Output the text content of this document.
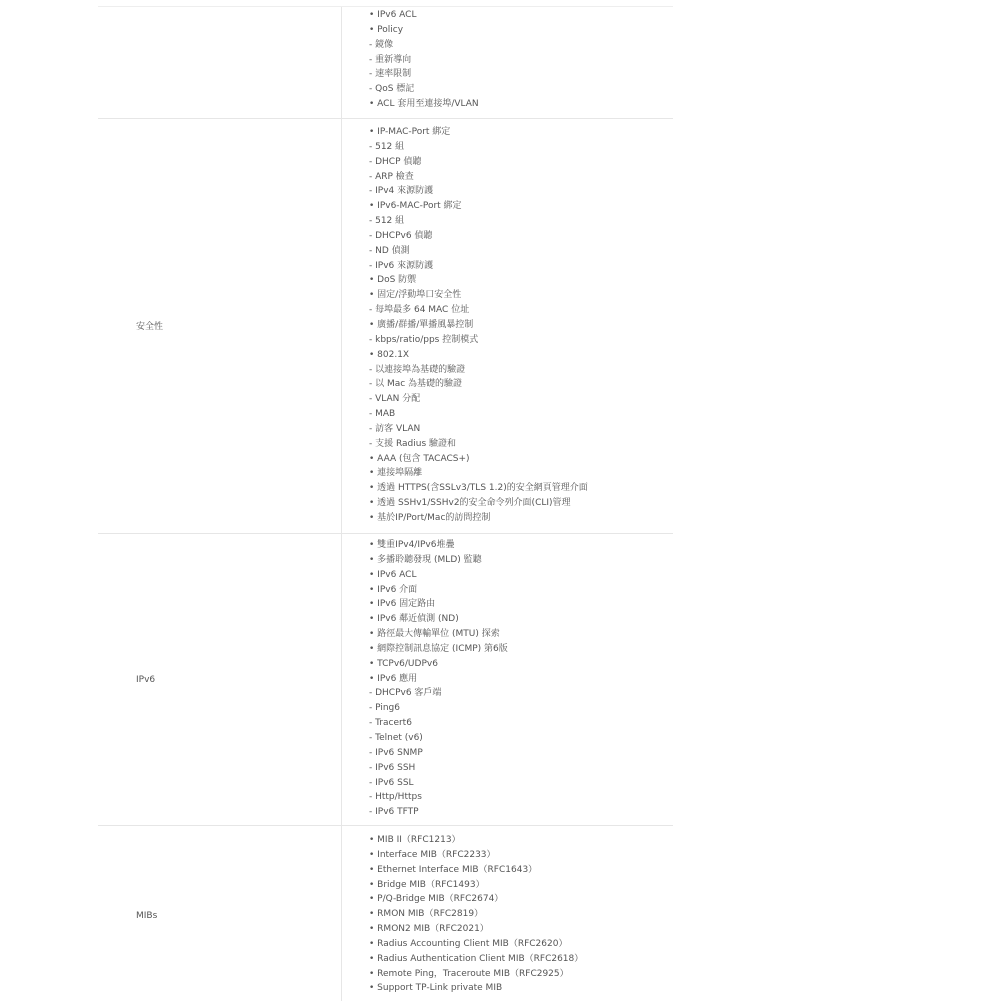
• IPv6 ACL
• Policy
- 鏡像
- 重新導向
- 速率限制
- QoS 標記
• ACL 套用至連接埠/VLAN
安全性
• IP-MAC-Port 綁定
- 512 組
- DHCP 偵聽
- ARP 檢查
- IPv4 來源防護
• IPv6-MAC-Port 綁定
- 512 組
- DHCPv6 偵聽
- ND 偵測
- IPv6 來源防護
• DoS 防禦
• 固定/浮動埠口安全性
- 每埠最多 64 MAC 位址
• 廣播/群播/單播風暴控制
- kbps/ratio/pps 控制模式
• 802.1X
- 以連接埠為基礎的驗證
- 以 Mac 為基礎的驗證
- VLAN 分配
- MAB
- 訪客 VLAN
- 支援 Radius 驗證和
• AAA (包含 TACACS+)
• 連接埠隔離
• 透過 HTTPS(含SSLv3/TLS 1.2)的安全網頁管理介面
• 透過 SSHv1/SSHv2的安全命令列介面(CLI)管理
• 基於IP/Port/Mac的訪問控制
IPv6
• 雙重IPv4/IPv6堆疊
• 多播聆聽發現 (MLD) 監聽
• IPv6 ACL
• IPv6 介面
• IPv6 固定路由
• IPv6 鄰近偵測 (ND)
• 路徑最大傳輸單位 (MTU) 探索
• 網際控制訊息協定 (ICMP) 第6版
• TCPv6/UDPv6
• IPv6 應用
- DHCPv6 客戶端
- Ping6
- Tracert6
- Telnet (v6)
- IPv6 SNMP
- IPv6 SSH
- IPv6 SSL
- Http/Https
- IPv6 TFTP
MIBs
• MIB II（RFC1213）
• Interface MIB（RFC2233）
• Ethernet Interface MIB（RFC1643）
• Bridge MIB（RFC1493）
• P/Q-Bridge MIB（RFC2674）
• RMON MIB（RFC2819）
• RMON2 MIB（RFC2021）
• Radius Accounting Client MIB（RFC2620）
• Radius Authentication Client MIB（RFC2618）
• Remote Ping，Traceroute MIB（RFC2925）
• Support TP-Link private MIB
